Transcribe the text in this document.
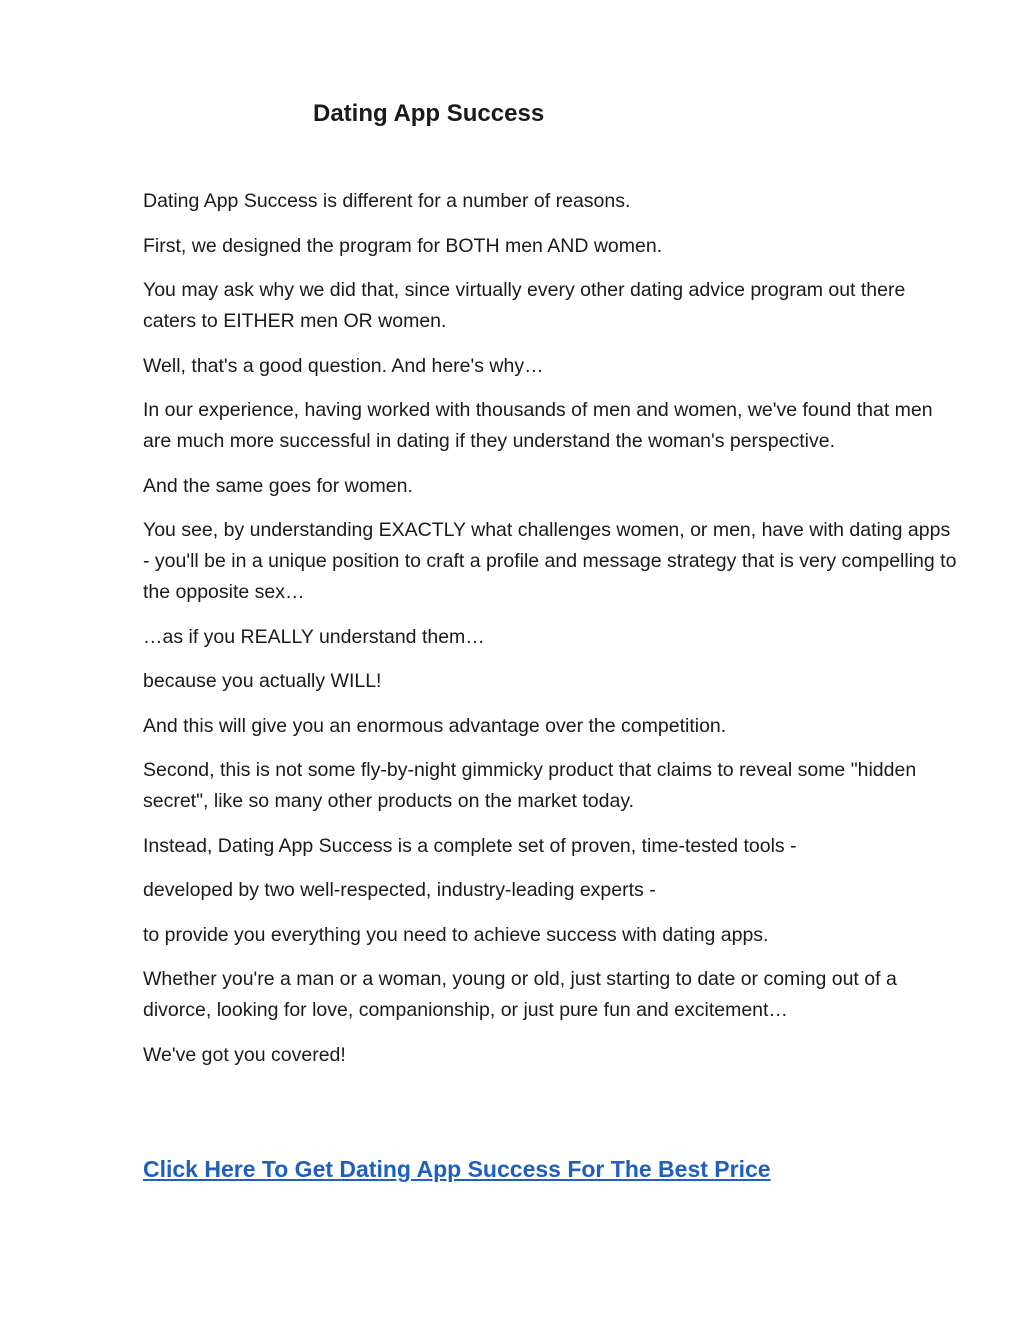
Dating App Success

Dating App Success is different for a number of reasons.

First, we designed the program for BOTH men AND women.

You may ask why we did that, since virtually every other dating advice program out there caters to EITHER men OR women.

Well, that's a good question. And here's why…

In our experience, having worked with thousands of men and women, we've found that men are much more successful in dating if they understand the woman's perspective.

And the same goes for women.

You see, by understanding EXACTLY what challenges women, or men, have with dating apps - you'll be in a unique position to craft a profile and message strategy that is very compelling to the opposite sex…

…as if you REALLY understand them…

because you actually WILL!

And this will give you an enormous advantage over the competition.

Second, this is not some fly-by-night gimmicky product that claims to reveal some "hidden secret", like so many other products on the market today.

Instead, Dating App Success is a complete set of proven, time-tested tools -

developed by two well-respected, industry-leading experts -

to provide you everything you need to achieve success with dating apps.

Whether you're a man or a woman, young or old, just starting to date or coming out of a divorce, looking for love, companionship, or just pure fun and excitement…

We've got you covered!

Click Here To Get Dating App Success For The Best Price
